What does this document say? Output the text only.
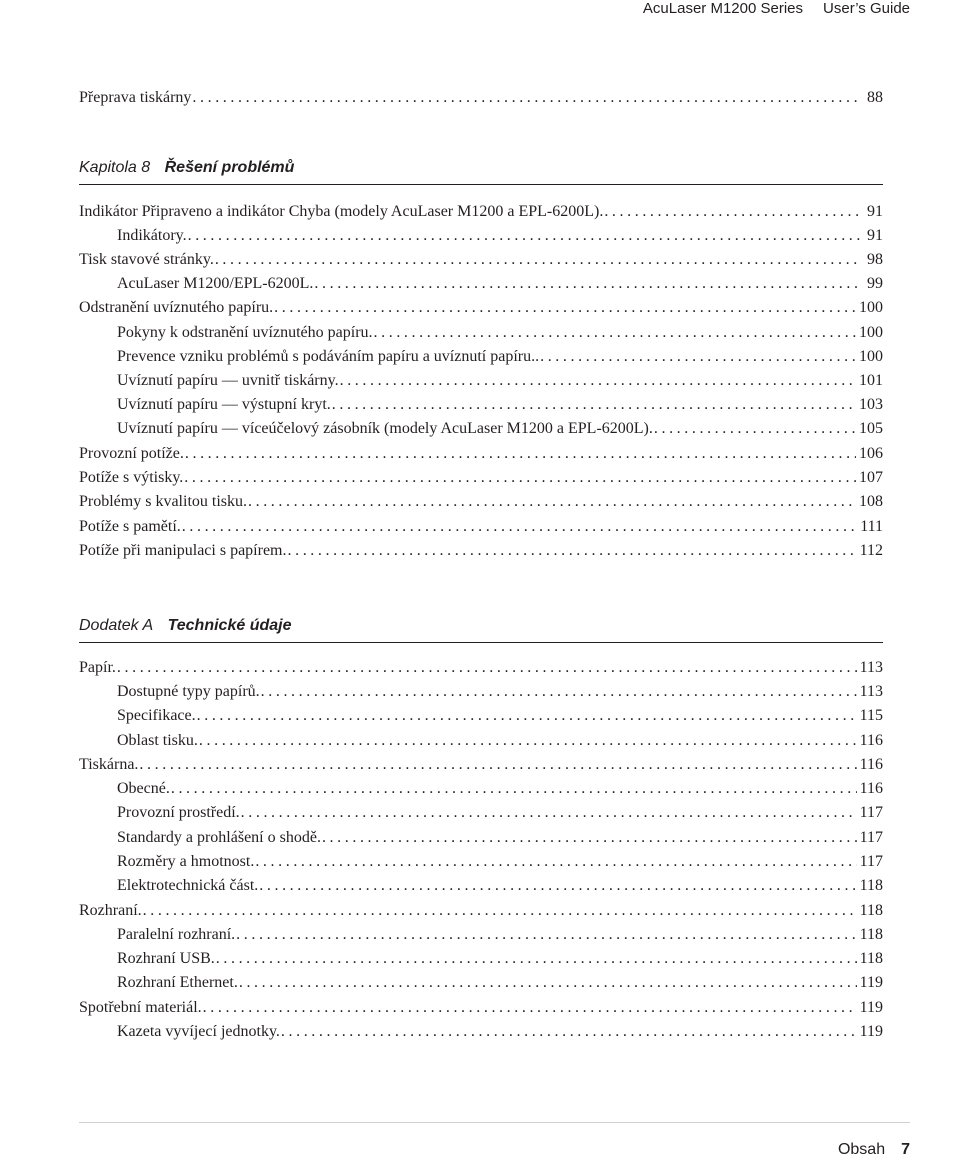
AcuLaser M1200 Series User’s Guide
Přeprava tiskárny . . .	88
Kapitola 8 Řešení problémů
Indikátor Připraveno a indikátor Chyba (modely AcuLaser M1200 a EPL-6200L). . . .	91
Indikátory. . . .	91
Tisk stavové stránky. . . .	98
AcuLaser M1200/EPL-6200L. . . .	99
Odstranění uvíznutého papíru. . . .	100
Pokyny k odstranění uvíznutého papíru. . . .	100
Prevence vzniku problémů s podáváním papíru a uvíznutí papíru.. . . .	100
Uvíznutí papíru — uvnitř tiskárny. . . .	101
Uvíznutí papíru — výstupní kryt. . . .	103
Uvíznutí papíru — víceúčelový zásobník (modely AcuLaser M1200 a EPL-6200L). . . .	105
Provozní potíže. . . .	106
Potíže s výtisky. . . .	107
Problémy s kvalitou tisku. . . .	108
Potíže s pamětí. . . .	111
Potíže při manipulaci s papírem. . . .	112
Dodatek A Technické údaje
Papír. . . .	113
Dostupné typy papírů. . . .	113
Specifikace. . . .	115
Oblast tisku. . . .	116
Tiskárna. . . .	116
Obecné. . . .	116
Provozní prostředí. . . .	117
Standardy a prohlášení o shodě. . . .	117
Rozměry a hmotnost. . . .	117
Elektrotechnická část. . . .	118
Rozhraní. . . .	118
Paralelní rozhraní. . . .	118
Rozhraní USB. . . .	118
Rozhraní Ethernet. . . .	119
Spotřební materiál. . . .	119
Kazeta vyvíjecí jednotky. . . .	119
Obsah 7
